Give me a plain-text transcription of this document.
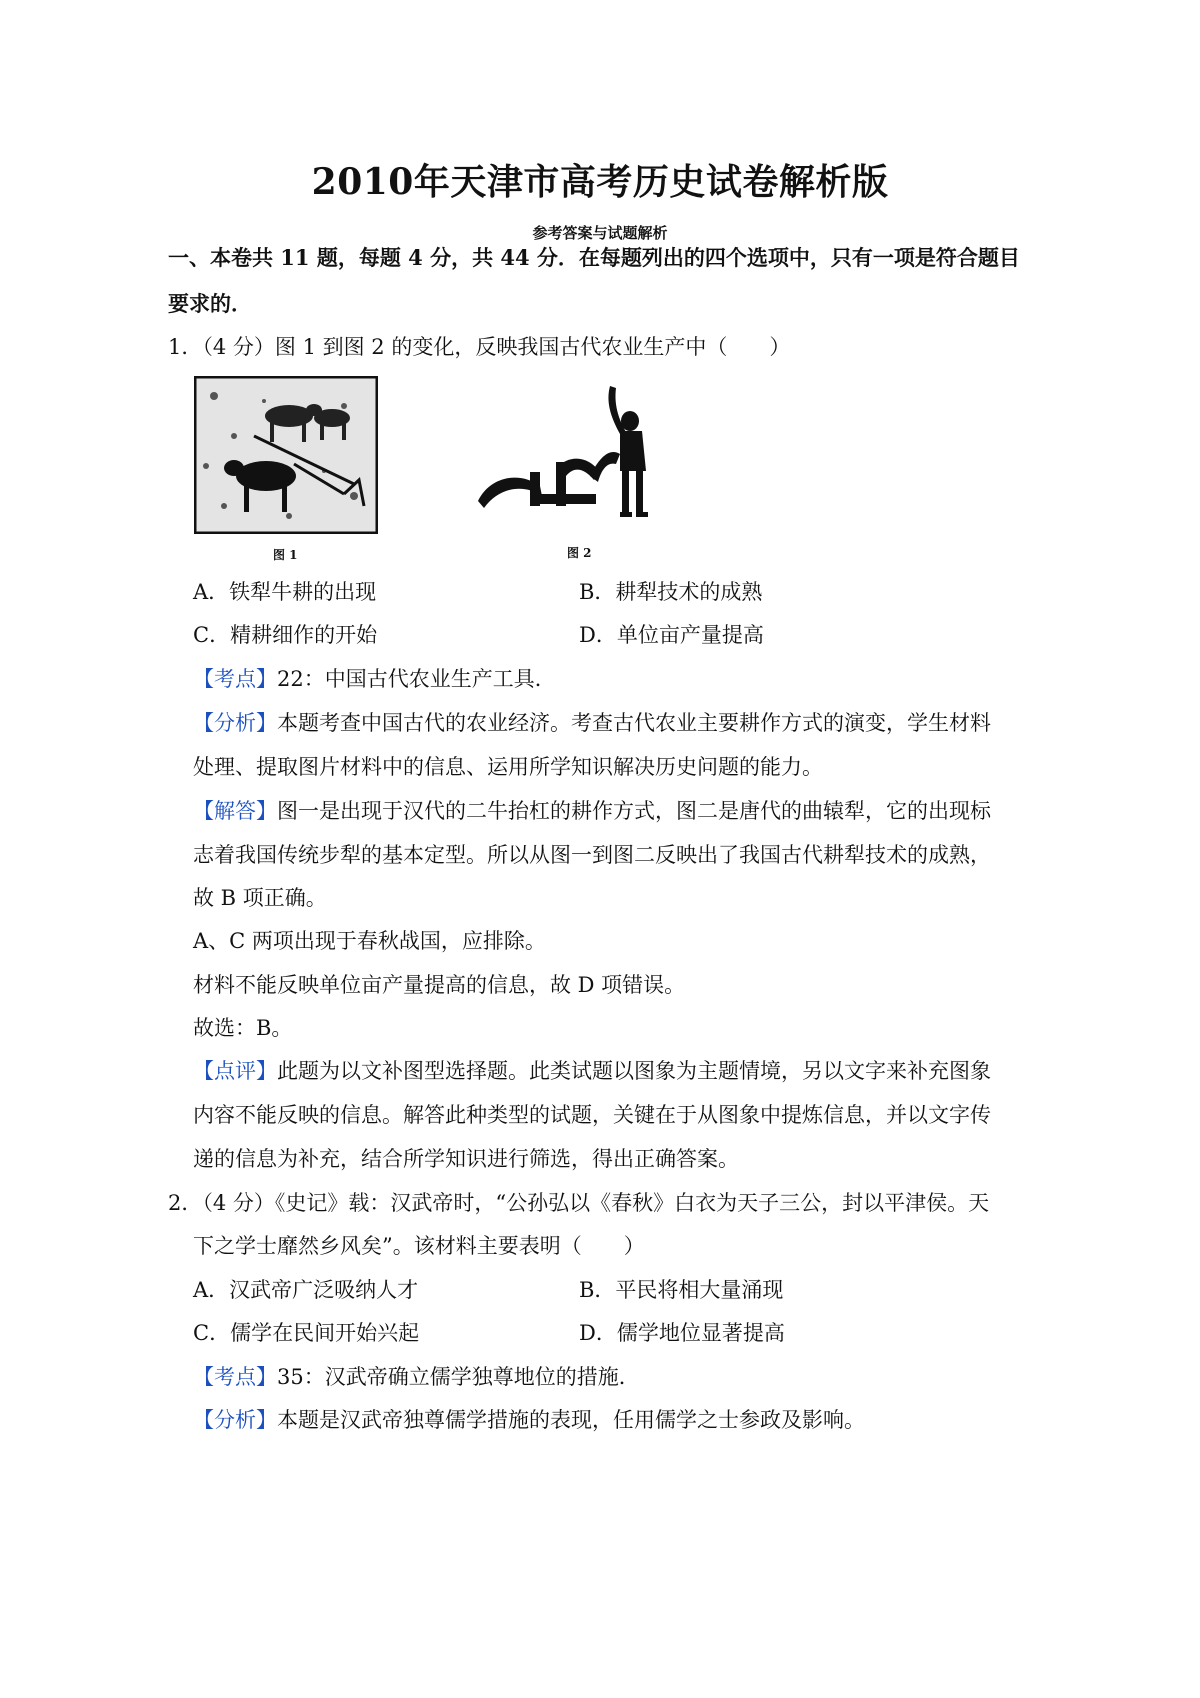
2010年天津市高考历史试卷解析版
参考答案与试题解析
一、本卷共 11 题，每题 4 分，共 44 分．在每题列出的四个选项中，只有一项是符合题目
要求的．
1．（4 分）图 1 到图 2 的变化，反映我国古代农业生产中（　　）
图 1	图 2
A．铁犁牛耕的出现	B．耕犁技术的成熟
C．精耕细作的开始	D．单位亩产量提高
【考点】22：中国古代农业生产工具．
【分析】本题考查中国古代的农业经济。考查古代农业主要耕作方式的演变，学生材料
处理、提取图片材料中的信息、运用所学知识解决历史问题的能力。
【解答】图一是出现于汉代的二牛抬杠的耕作方式，图二是唐代的曲辕犁，它的出现标
志着我国传统步犁的基本定型。所以从图一到图二反映出了我国古代耕犁技术的成熟，
故 B 项正确。
A、C 两项出现于春秋战国，应排除。
材料不能反映单位亩产量提高的信息，故 D 项错误。
故选：B。
【点评】此题为以文补图型选择题。此类试题以图象为主题情境，另以文字来补充图象
内容不能反映的信息。解答此种类型的试题，关键在于从图象中提炼信息，并以文字传
递的信息为补充，结合所学知识进行筛选，得出正确答案。
2．（4 分）《史记》载：汉武帝时，“公孙弘以《春秋》白衣为天子三公，封以平津侯。天
下之学士靡然乡风矣”。该材料主要表明（　　）
A．汉武帝广泛吸纳人才	B．平民将相大量涌现
C．儒学在民间开始兴起	D．儒学地位显著提高
【考点】35：汉武帝确立儒学独尊地位的措施．
【分析】本题是汉武帝独尊儒学措施的表现，任用儒学之士参政及影响。
